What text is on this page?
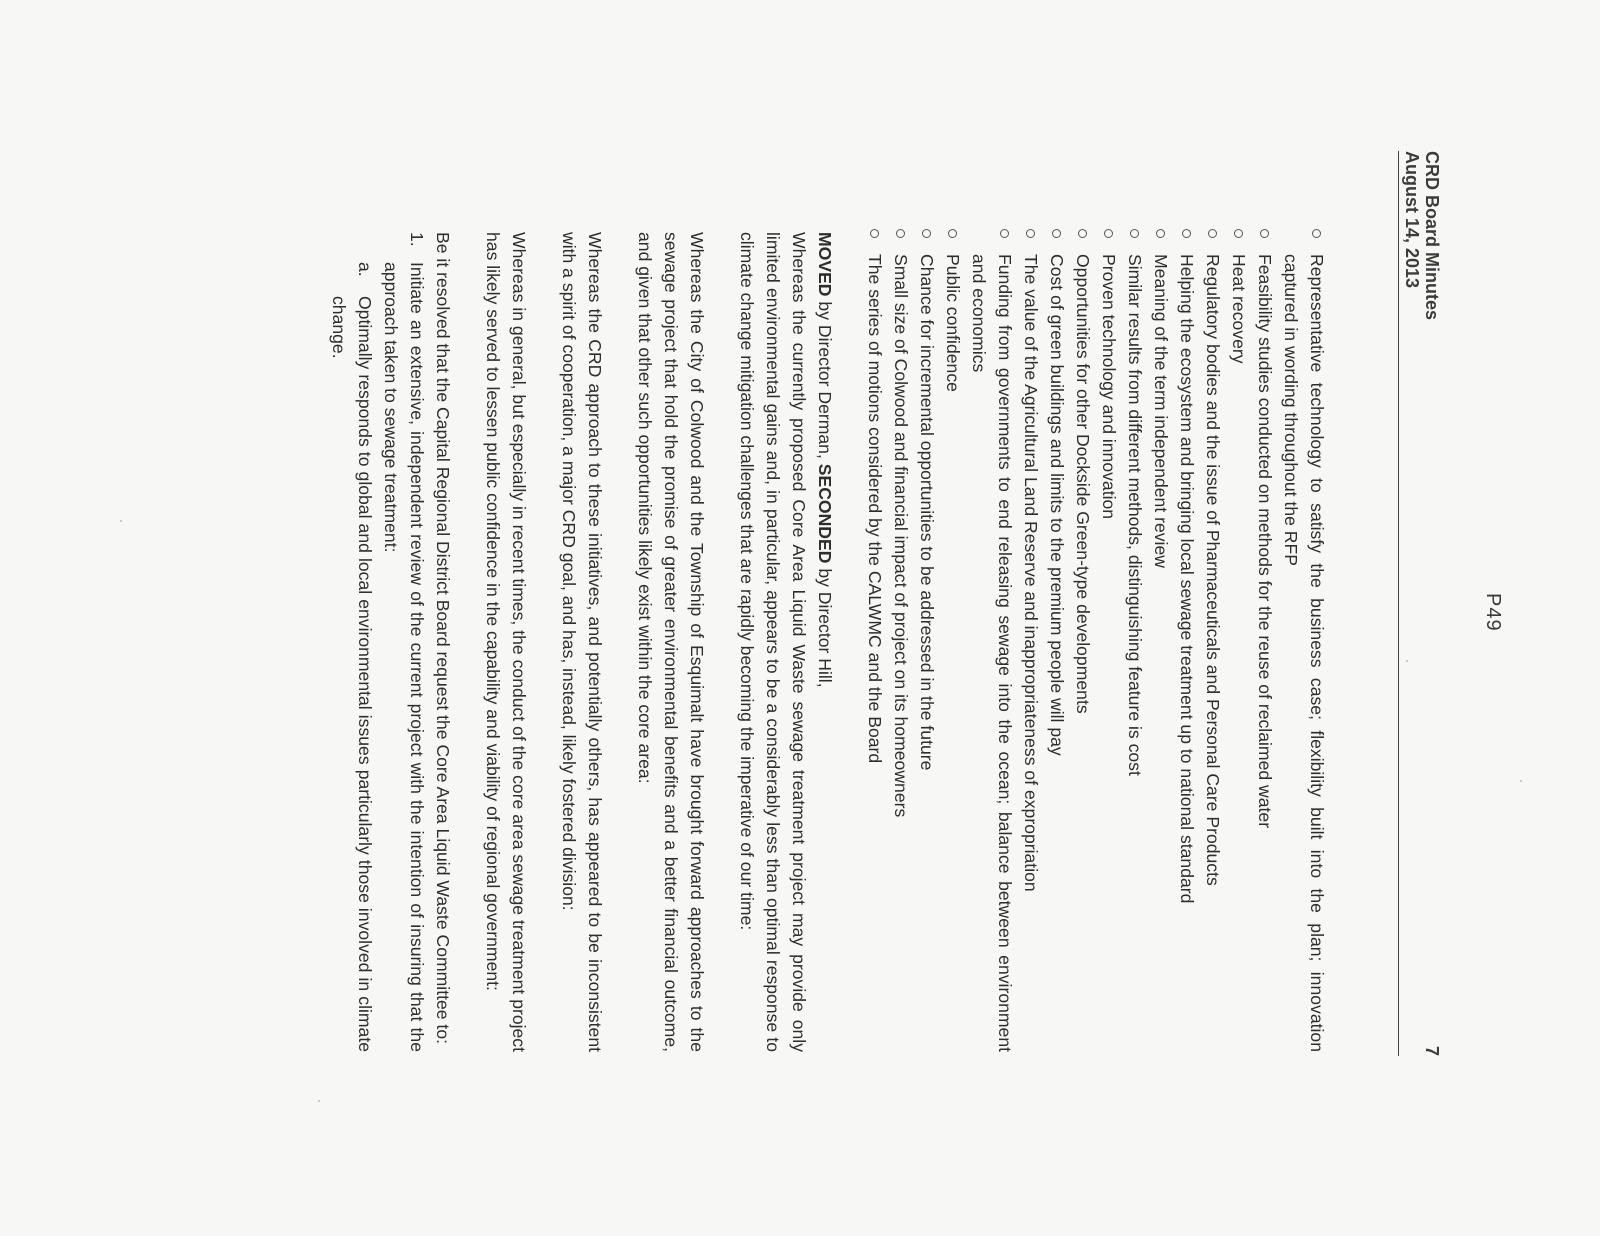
P49
CRD Board Minutes
August 14, 2013
7
Representative technology to satisfy the business case; flexibility built into the plan; innovation captured in wording throughout the RFP
Feasibility studies conducted on methods for the reuse of reclaimed water
Heat recovery
Regulatory bodies and the issue of Pharmaceuticals and Personal Care Products
Helping the ecosystem and bringing local sewage treatment up to national standard
Meaning of the term independent review
Similar results from different methods, distinguishing feature is cost
Proven technology and innovation
Opportunities for other Dockside Green-type developments
Cost of green buildings and limits to the premium people will pay
The value of the Agricultural Land Reserve and inappropriateness of expropriation
Funding from governments to end releasing sewage into the ocean; balance between environment and economics
Public confidence
Chance for incremental opportunities to be addressed in the future
Small size of Colwood and financial impact of project on its homeowners
The series of motions considered by the CALWMC and the Board
MOVED by Director Derman, SECONDED by Director Hill,

Whereas the currently proposed Core Area Liquid Waste sewage treatment project may provide only limited environmental gains and, in particular, appears to be a considerably less than optimal response to climate change mitigation challenges that are rapidly becoming the imperative of our time:

Whereas the City of Colwood and the Township of Esquimalt have brought forward approaches to the sewage project that hold the promise of greater environmental benefits and a better financial outcome, and given that other such opportunities likely exist within the core area:

Whereas the CRD approach to these initiatives, and potentially others, has appeared to be inconsistent with a spirit of cooperation, a major CRD goal, and has, instead, likely fostered division:

Whereas in general, but especially in recent times, the conduct of the core area sewage treatment project has likely served to lessen public confidence in the capability and viability of regional government:

Be it resolved that the Capital Regional District Board request the Core Area Liquid Waste Committee to:
1.
Initiate an extensive, independent review of the current project with the intention of insuring that the approach taken to sewage treatment:
a.
Optimally responds to global and local environmental issues particularly those involved in climate change.
